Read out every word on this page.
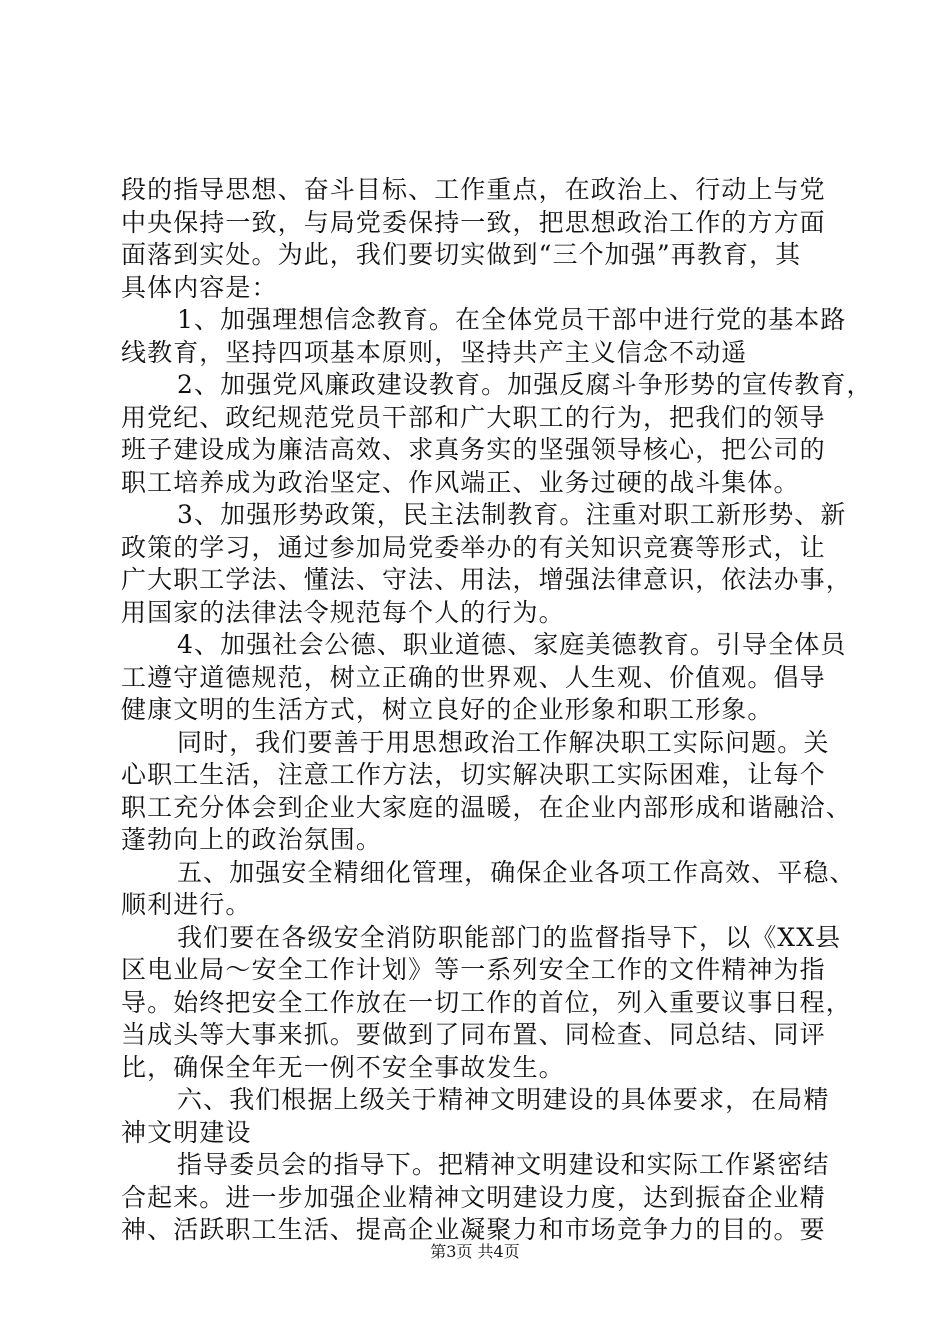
段的指导思想、奋斗目标、工作重点，在政治上、行动上与党
中央保持一致，与局党委保持一致，把思想政治工作的方方面
面落到实处。为此，我们要切实做到“三个加强”再教育，其
具体内容是：
1、加强理想信念教育。在全体党员干部中进行党的基本路
线教育，坚持四项基本原则，坚持共产主义信念不动遥
2、加强党风廉政建设教育。加强反腐斗争形势的宣传教育，
用党纪、政纪规范党员干部和广大职工的行为，把我们的领导
班子建设成为廉洁高效、求真务实的坚强领导核心，把公司的
职工培养成为政治坚定、作风端正、业务过硬的战斗集体。
3、加强形势政策，民主法制教育。注重对职工新形势、新
政策的学习，通过参加局党委举办的有关知识竞赛等形式，让
广大职工学法、懂法、守法、用法，增强法律意识，依法办事，
用国家的法律法令规范每个人的行为。
4、加强社会公德、职业道德、家庭美德教育。引导全体员
工遵守道德规范，树立正确的世界观、人生观、价值观。倡导
健康文明的生活方式，树立良好的企业形象和职工形象。
同时，我们要善于用思想政治工作解决职工实际问题。关
心职工生活，注意工作方法，切实解决职工实际困难，让每个
职工充分体会到企业大家庭的温暖，在企业内部形成和谐融洽、
蓬勃向上的政治氛围。
五、加强安全精细化管理，确保企业各项工作高效、平稳、
顺利进行。
我们要在各级安全消防职能部门的监督指导下，以《XX县
区电业局～安全工作计划》等一系列安全工作的文件精神为指
导。始终把安全工作放在一切工作的首位，列入重要议事日程，
当成头等大事来抓。要做到了同布置、同检查、同总结、同评
比，确保全年无一例不安全事故发生。
六、我们根据上级关于精神文明建设的具体要求，在局精
神文明建设
指导委员会的指导下。把精神文明建设和实际工作紧密结
合起来。进一步加强企业精神文明建设力度，达到振奋企业精
神、活跃职工生活、提高企业凝聚力和市场竞争力的目的。要
第3页 共4页
